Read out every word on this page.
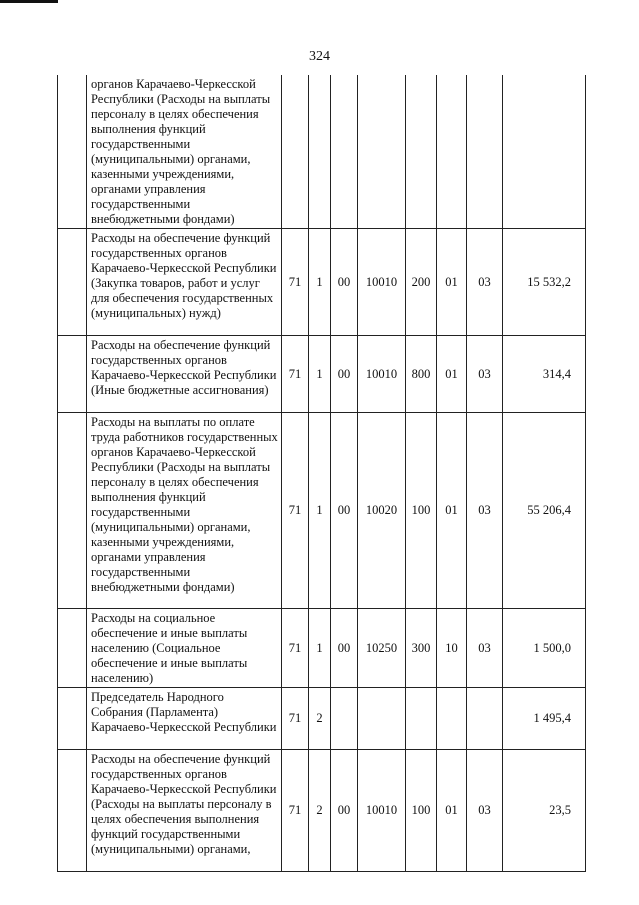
324
	органов Карачаево-Черкесской Республики (Расходы на выплаты персоналу в целях обеспечения выполнения функций государственными (муниципальными) органами, казенными учреждениями, органами управления государственными внебюджетными фондами)								
	Расходы на обеспечение функций государственных органов Карачаево-Черкесской Республики (Закупка товаров, работ и услуг для обеспечения государственных (муниципальных) нужд)	71	1	00	10010	200	01	03	15 532,2
	Расходы на обеспечение функций государственных органов Карачаево-Черкесской Республики (Иные бюджетные ассигнования)	71	1	00	10010	800	01	03	314,4
	Расходы на выплаты по оплате труда работников государственных органов Карачаево-Черкесской Республики (Расходы на выплаты персоналу в целях обеспечения выполнения функций государственными (муниципальными) органами, казенными учреждениями, органами управления государственными внебюджетными фондами)	71	1	00	10020	100	01	03	55 206,4
	Расходы на социальное обеспечение и иные выплаты населению (Социальное обеспечение и иные выплаты населению)	71	1	00	10250	300	10	03	1 500,0
	Председатель Народного Собрания (Парламента) Карачаево-Черкесской Республики	71	2						1 495,4
	Расходы на обеспечение функций государственных органов Карачаево-Черкесской Республики (Расходы на выплаты персоналу в целях обеспечения выполнения функций государственными (муниципальными) органами,	71	2	00	10010	100	01	03	23,5
